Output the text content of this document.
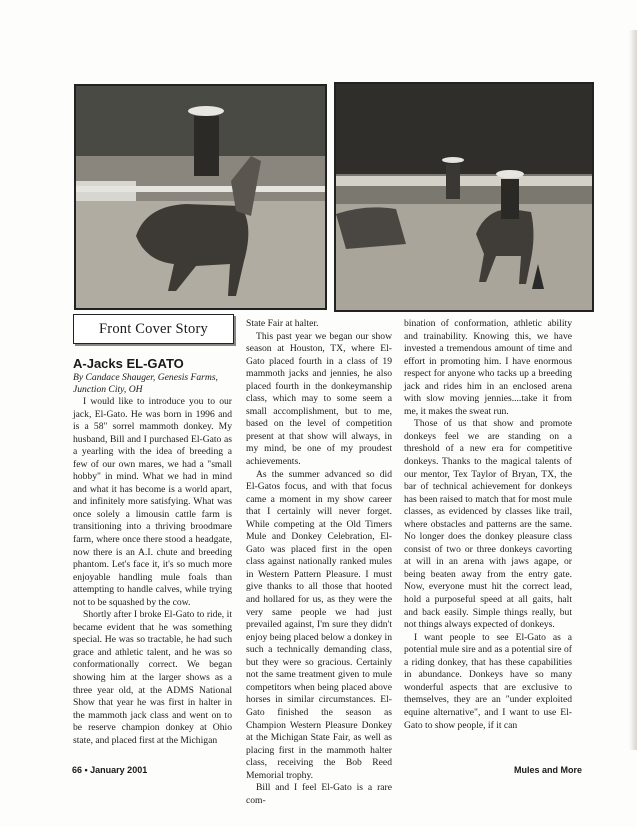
Front Cover Story
A-Jacks EL-GATO
By Candace Shauger, Genesis Farms, Junction City, OH

I would like to introduce you to our jack, El-Gato. He was born in 1996 and is a 58" sorrel mammoth donkey. My husband, Bill and I purchased El-Gato as a yearling with the idea of breeding a few of our own mares, we had a "small hobby" in mind. What we had in mind and what it has become is a world apart, and infinitely more satisfying. What was once solely a limousin cattle farm is transitioning into a thriving broodmare farm, where once there stood a headgate, now there is an A.I. chute and breeding phantom. Let's face it, it's so much more enjoyable handling mule foals than attempting to handle calves, while trying not to be squashed by the cow.

Shortly after I broke El-Gato to ride, it became evident that he was something special. He was so tractable, he had such grace and athletic talent, and he was so conformationally correct. We began showing him at the larger shows as a three year old, at the ADMS National Show that year he was first in halter in the mammoth jack class and went on to be reserve champion donkey at Ohio state, and placed first at the Michigan

State Fair at halter.

This past year we began our show season at Houston, TX, where El-Gato placed fourth in a class of 19 mammoth jacks and jennies, he also placed fourth in the donkeymanship class, which may to some seem a small accomplishment, but to me, based on the level of competition present at that show will always, in my mind, be one of my proudest achievements.

As the summer advanced so did El-Gatos focus, and with that focus came a moment in my show career that I certainly will never forget. While competing at the Old Timers Mule and Donkey Celebration, El-Gato was placed first in the open class against nationally ranked mules in Western Pattern Pleasure. I must give thanks to all those that hooted and hollared for us, as they were the very same people we had just prevailed against, I'm sure they didn't enjoy being placed below a donkey in such a technically demanding class, but they were so gracious. Certainly not the same treatment given to mule competitors when being placed above horses in similar circumstances. El-Gato finished the season as Champion Western Pleasure Donkey at the Michigan State Fair, as well as placing first in the mammoth halter class, receiving the Bob Reed Memorial trophy.

Bill and I feel El-Gato is a rare com-

bination of conformation, athletic ability and trainability. Knowing this, we have invested a tremendous amount of time and effort in promoting him. I have enormous respect for anyone who tacks up a breeding jack and rides him in an enclosed arena with slow moving jennies....take it from me, it makes the sweat run.

Those of us that show and promote donkeys feel we are standing on a threshold of a new era for competitive donkeys. Thanks to the magical talents of our mentor, Tex Taylor of Bryan, TX, the bar of technical achievement for donkeys has been raised to match that for most mule classes, as evidenced by classes like trail, where obstacles and patterns are the same. No longer does the donkey pleasure class consist of two or three donkeys cavorting at will in an arena with jaws agape, or being beaten away from the entry gate. Now, everyone must hit the correct lead, hold a purposeful speed at all gaits, halt and back easily. Simple things really, but not things always expected of donkeys.

I want people to see El-Gato as a potential mule sire and as a potential sire of a riding donkey, that has these capabilities in abundance. Donkeys have so many wonderful aspects that are exclusive to themselves, they are an "under exploited equine alternative", and I want to use El-Gato to show people, if it can

66 • January 2001	Mules and More
